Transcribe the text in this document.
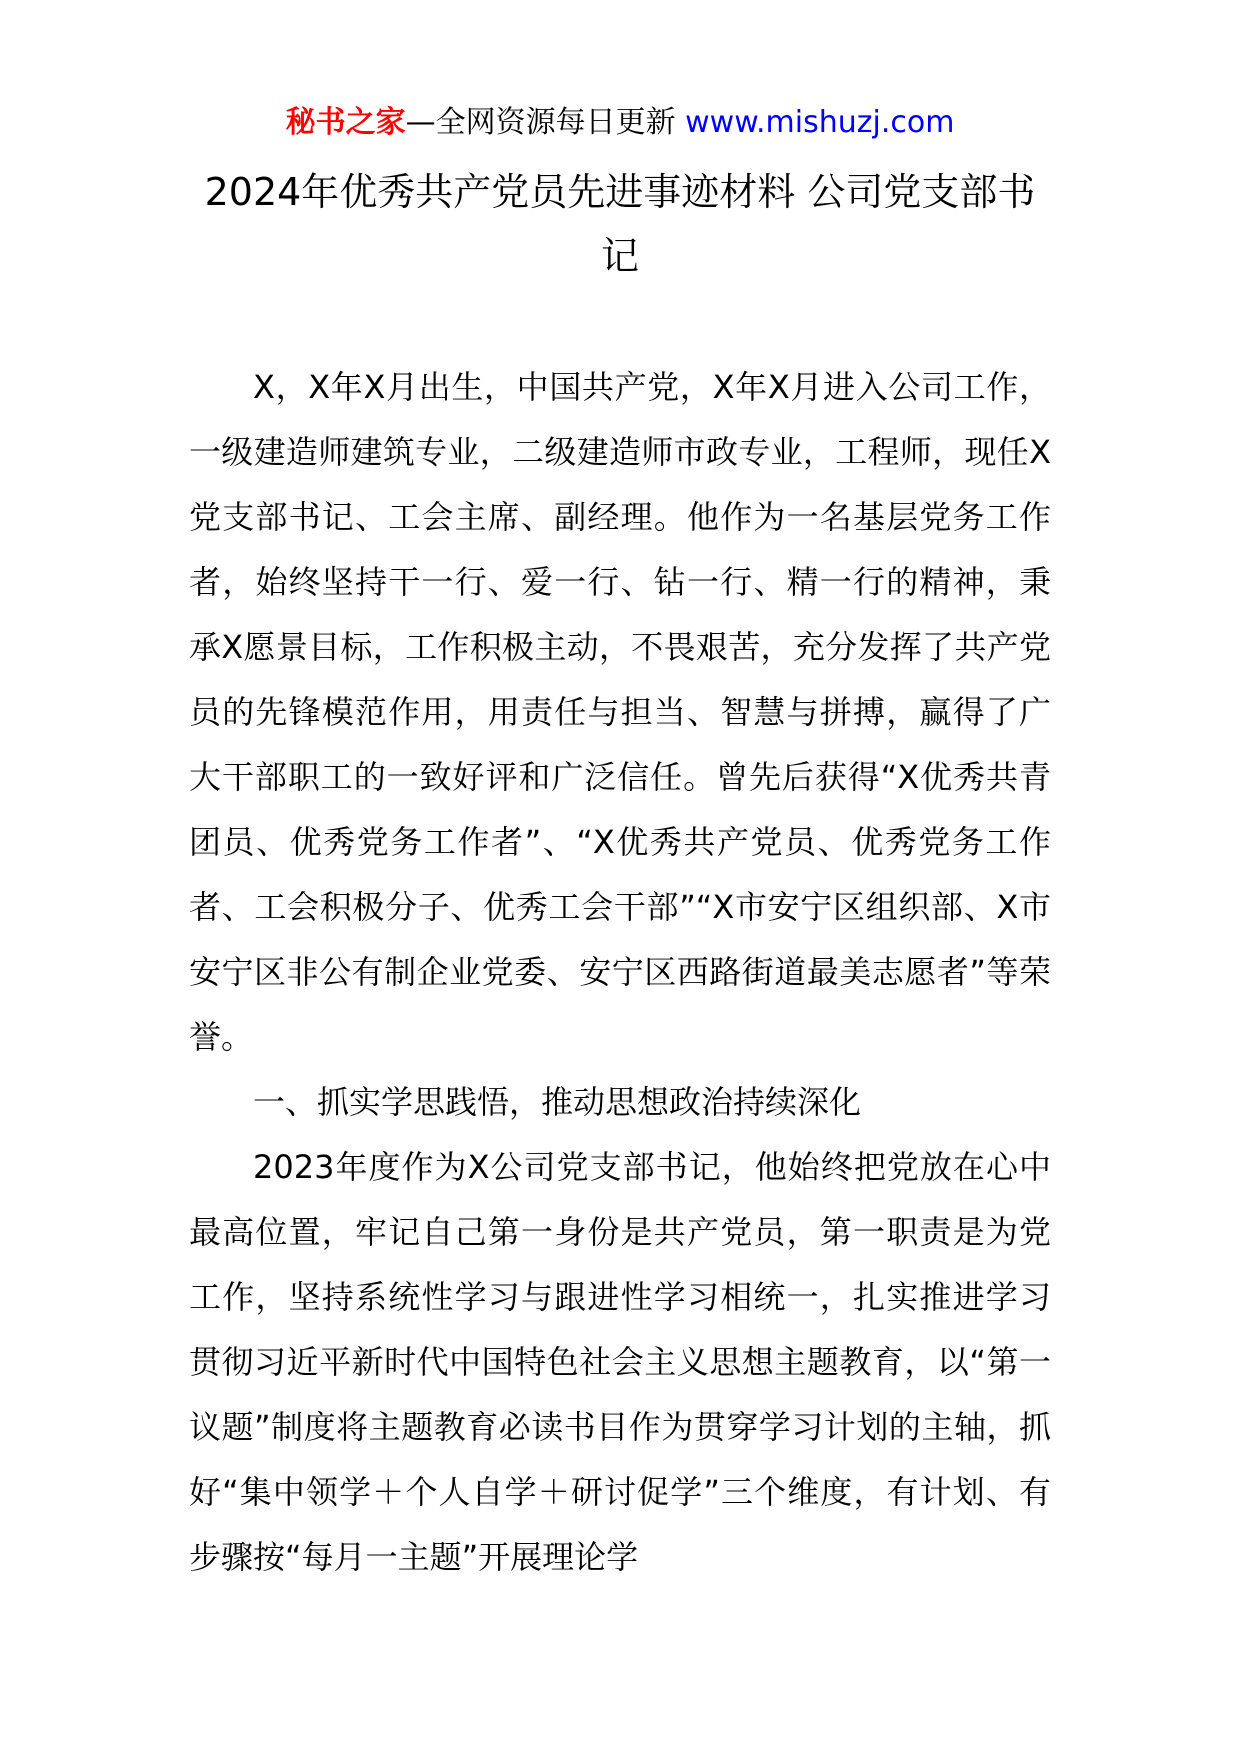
秘书之家—全网资源每日更新 www.mishuzj.com
2024年优秀共产党员先进事迹材料 公司党支部书记

X，X年X月出生，中国共产党，X年X月进入公司工作，一级建造师建筑专业，二级建造师市政专业，工程师，现任X党支部书记、工会主席、副经理。他作为一名基层党务工作者，始终坚持干一行、爱一行、钻一行、精一行的精神，秉承X愿景目标，工作积极主动，不畏艰苦，充分发挥了共产党员的先锋模范作用，用责任与担当、智慧与拼搏，赢得了广大干部职工的一致好评和广泛信任。曾先后获得“X优秀共青团员、优秀党务工作者”、“X优秀共产党员、优秀党务工作者、工会积极分子、优秀工会干部”“X市安宁区组织部、X市安宁区非公有制企业党委、安宁区西路街道最美志愿者”等荣誉。

一、抓实学思践悟，推动思想政治持续深化

2023年度作为X公司党支部书记，他始终把党放在心中最高位置，牢记自己第一身份是共产党员，第一职责是为党工作，坚持系统性学习与跟进性学习相统一，扎实推进学习贯彻习近平新时代中国特色社会主义思想主题教育，以“第一议题”制度将主题教育必读书目作为贯穿学习计划的主轴，抓好“集中领学＋个人自学＋研讨促学”三个维度，有计划、有步骤按“每月一主题”开展理论学
